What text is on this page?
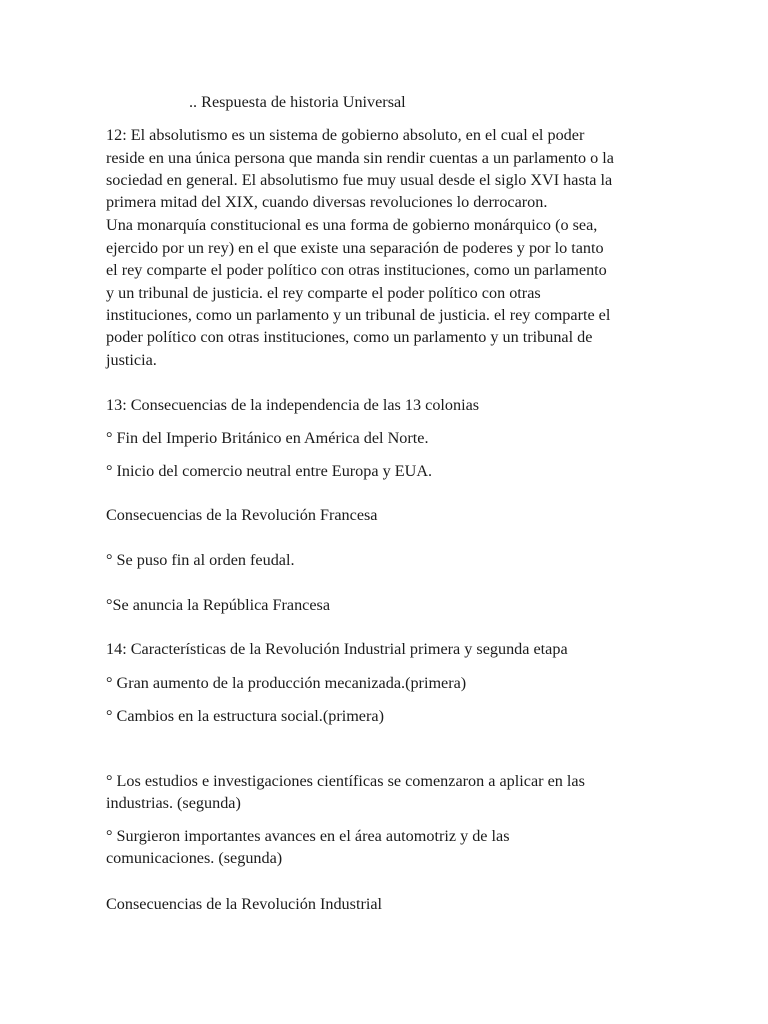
.. Respuesta de historia Universal

12: El absolutismo es un sistema de gobierno absoluto, en el cual el poder

reside en una única persona que manda sin rendir cuentas a un parlamento o la

sociedad en general. El absolutismo fue muy usual desde el siglo XVI hasta la

primera mitad del XIX, cuando diversas revoluciones lo derrocaron.

Una monarquía constitucional es una forma de gobierno monárquico (o sea,

ejercido por un rey) en el que existe una separación de poderes y por lo tanto

el rey comparte el poder político con otras instituciones, como un parlamento

y un tribunal de justicia. el rey comparte el poder político con otras

instituciones, como un parlamento y un tribunal de justicia. el rey comparte el

poder político con otras instituciones, como un parlamento y un tribunal de

justicia.

13: Consecuencias de la independencia de las 13 colonias

° Fin del Imperio Británico en América del Norte.

° Inicio del comercio neutral entre Europa y EUA.

Consecuencias de la Revolución Francesa

° Se puso fin al orden feudal.

°Se anuncia la República Francesa

14: Características de la Revolución Industrial primera y segunda etapa

° Gran aumento de la producción mecanizada.(primera)

° Cambios en la estructura social.(primera)

° Los estudios e investigaciones científicas se comenzaron a aplicar en las

industrias. (segunda)

° Surgieron importantes avances en el área automotriz y de las

comunicaciones. (segunda)

Consecuencias de la Revolución Industrial
